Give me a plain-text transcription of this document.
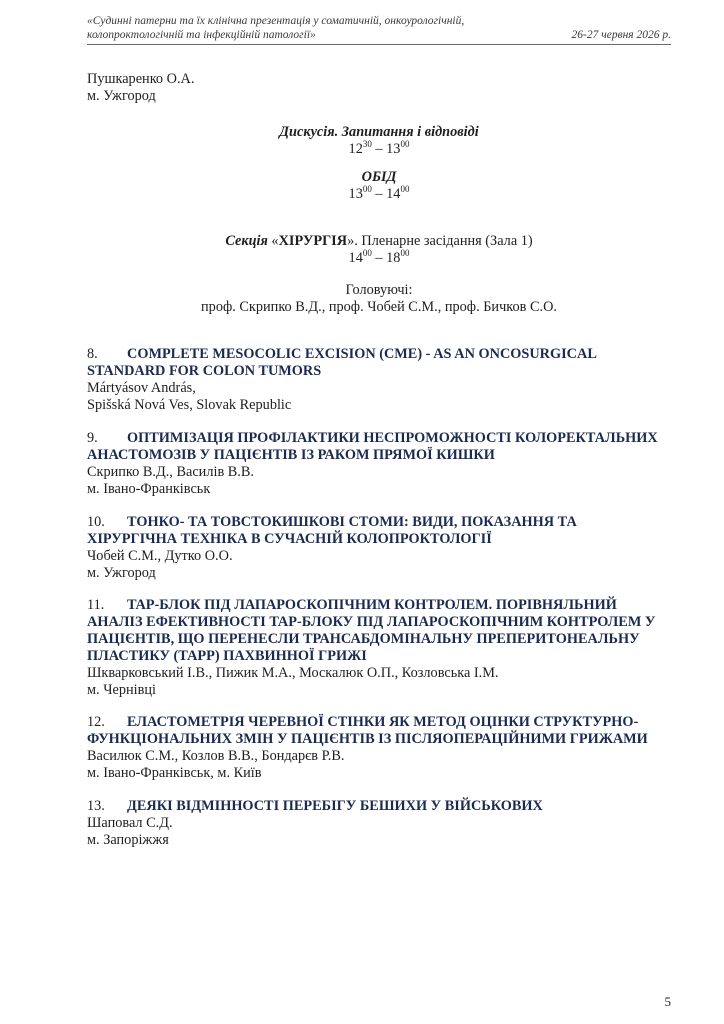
«Судинні патерни та їх клінічна презентація у соматичній, онкоурологічній,
колопроктологічній та інфекційній патології»	26-27 червня 2026 р.
Пушкаренко О.А.
м. Ужгород
Дискусія. Запитання і відповіді
$12^{30} - 13^{00}$
ОБІД
$13^{00} - 14^{00}$
Секція «ХІРУРГІЯ». Пленарне засідання (Зала 1)
$14^{00} - 18^{00}$
Головуючі:
проф. Скрипко В.Д., проф. Чобей С.М., проф. Бичков С.О.
8. COMPLETE MESOCOLIC EXCISION (CME) - AS AN ONCOSURGICAL
STANDARD FOR COLON TUMORS
Mártyásov András,
Spišská Nová Ves, Slovak Republic
9. ОПТИМІЗАЦІЯ ПРОФІЛАКТИКИ НЕСПРОМОЖНОСТІ КОЛОРЕКТАЛЬНИХ
АНАСТОМОЗІВ У ПАЦІЄНТІВ ІЗ РАКОМ ПРЯМОЇ КИШКИ
Скрипко В.Д., Василів В.В.
м. Івано-Франківськ
10. ТОНКО- ТА ТОВСТОКИШКОВІ СТОМИ: ВИДИ, ПОКАЗАННЯ ТА
ХІРУРГІЧНА ТЕХНІКА В СУЧАСНІЙ КОЛОПРОКТОЛОГІЇ
Чобей С.М., Дутко О.О.
м. Ужгород
11. TAP-БЛОК ПІД ЛАПАРОСКОПІЧНИМ КОНТРОЛЕМ. ПОРІВНЯЛЬНИЙ
АНАЛІЗ ЕФЕКТИВНОСТІ TAP-БЛОКУ ПІД ЛАПАРОСКОПІЧНИМ КОНТРОЛЕМ У
ПАЦІЄНТІВ, ЩО ПЕРЕНЕСЛИ ТРАНСАБДОМІНАЛЬНУ ПРЕПЕРИТОНЕАЛЬНУ
ПЛАСТИКУ (ТАРР) ПАХВИННОЇ ГРИЖІ
Шкварковський І.В., Пижик М.А., Москалюк О.П., Козловська І.М.
м. Чернівці
12. ЕЛАСТОМЕТРІЯ ЧЕРЕВНОЇ СТІНКИ ЯК МЕТОД ОЦІНКИ СТРУКТУРНО-
ФУНКЦІОНАЛЬНИХ ЗМІН У ПАЦІЄНТІВ ІЗ ПІСЛЯОПЕРАЦІЙНИМИ ГРИЖАМИ
Василюк С.М., Козлов В.В., Бондарєв Р.В.
м. Івано-Франківськ, м. Київ
13. ДЕЯКІ ВІДМІННОСТІ ПЕРЕБІГУ БЕШИХИ У ВІЙСЬКОВИХ
Шаповал С.Д.
м. Запоріжжя
5
